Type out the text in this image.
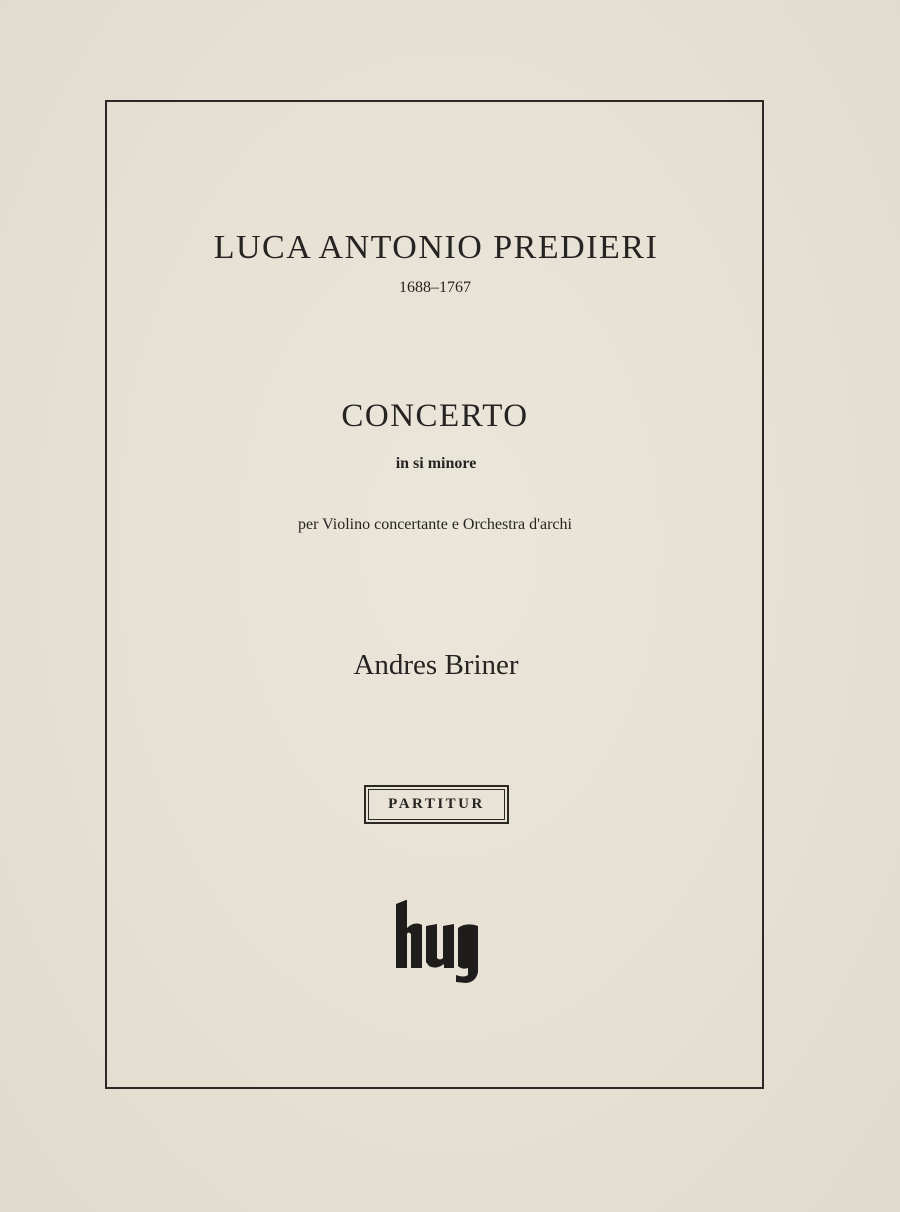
LUCA ANTONIO PREDIERI

1688–1767

CONCERTO

in si minore

per Violino concertante e Orchestra d'archi

Andres Briner

PARTITUR
